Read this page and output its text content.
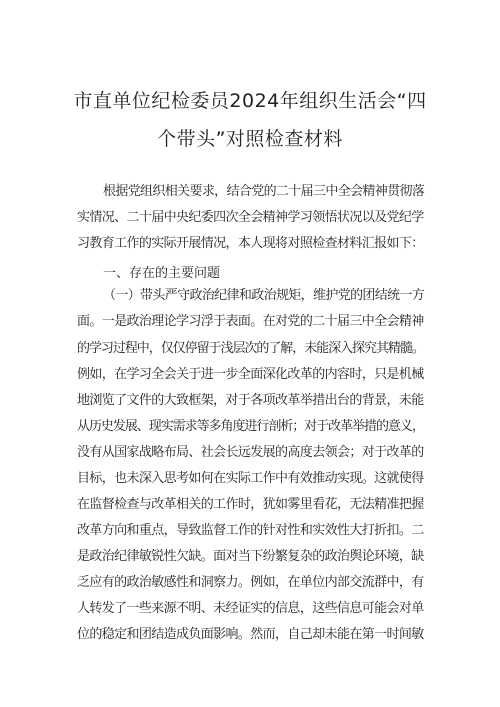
市直单位纪检委员2024年组织生活会“四
个带头”对照检查材料
根据党组织相关要求，结合党的二十届三中全会精神贯彻落
实情况、二十届中央纪委四次全会精神学习领悟状况以及党纪学
习教育工作的实际开展情况，本人现将对照检查材料汇报如下：
一、存在的主要问题
（一）带头严守政治纪律和政治规矩，维护党的团结统一方
面。一是政治理论学习浮于表面。在对党的二十届三中全会精神
的学习过程中，仅仅停留于浅层次的了解，未能深入探究其精髓。
例如，在学习全会关于进一步全面深化改革的内容时，只是机械
地浏览了文件的大致框架，对于各项改革举措出台的背景，未能
从历史发展、现实需求等多角度进行剖析；对于改革举措的意义，
没有从国家战略布局、社会长远发展的高度去领会；对于改革的
目标，也未深入思考如何在实际工作中有效推动实现。这就使得
在监督检查与改革相关的工作时，犹如雾里看花，无法精准把握
改革方向和重点，导致监督工作的针对性和实效性大打折扣。二
是政治纪律敏锐性欠缺。面对当下纷繁复杂的政治舆论环境，缺
乏应有的政治敏感性和洞察力。例如，在单位内部交流群中，有
人转发了一些来源不明、未经证实的信息，这些信息可能会对单
位的稳定和团结造成负面影响。然而，自己却未能在第一时间敏
